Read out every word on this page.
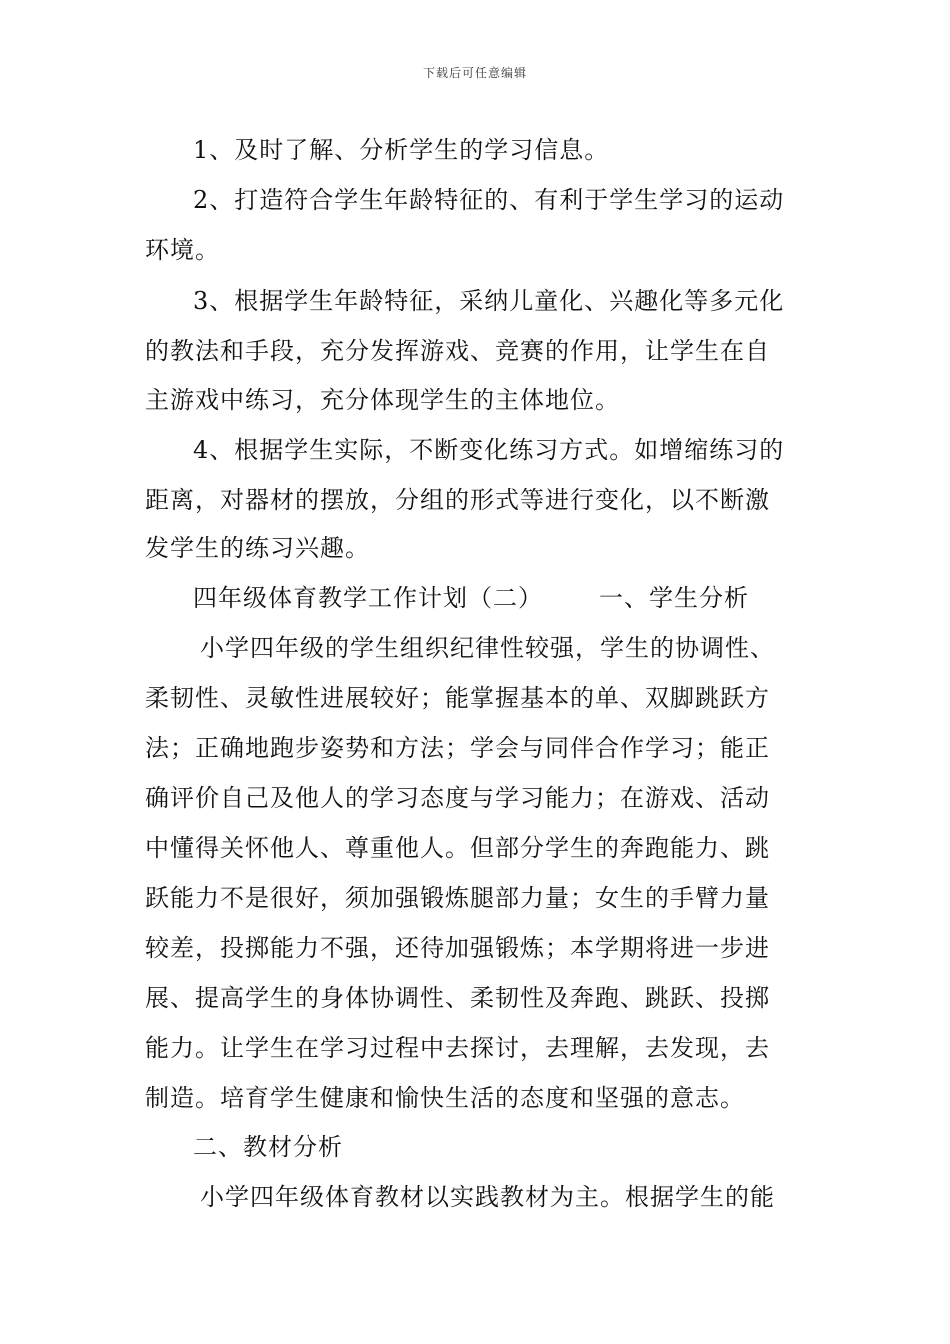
下载后可任意编辑
1、及时了解、分析学生的学习信息。
2、打造符合学生年龄特征的、有利于学生学习的运动
环境。
3、根据学生年龄特征，采纳儿童化、兴趣化等多元化
的教法和手段，充分发挥游戏、竞赛的作用，让学生在自
主游戏中练习，充分体现学生的主体地位。
4、根据学生实际，不断变化练习方式。如增缩练习的
距离，对器材的摆放，分组的形式等进行变化，以不断激
发学生的练习兴趣。
四年级体育教学工作计划（二） 一、学生分析
小学四年级的学生组织纪律性较强，学生的协调性、
柔韧性、灵敏性进展较好；能掌握基本的单、双脚跳跃方
法；正确地跑步姿势和方法；学会与同伴合作学习；能正
确评价自己及他人的学习态度与学习能力；在游戏、活动
中懂得关怀他人、尊重他人。但部分学生的奔跑能力、跳
跃能力不是很好，须加强锻炼腿部力量；女生的手臂力量
较差，投掷能力不强，还待加强锻炼；本学期将进一步进
展、提高学生的身体协调性、柔韧性及奔跑、跳跃、投掷
能力。让学生在学习过程中去探讨，去理解，去发现，去
制造。培育学生健康和愉快生活的态度和坚强的意志。
二、教材分析
小学四年级体育教材以实践教材为主。根据学生的能
